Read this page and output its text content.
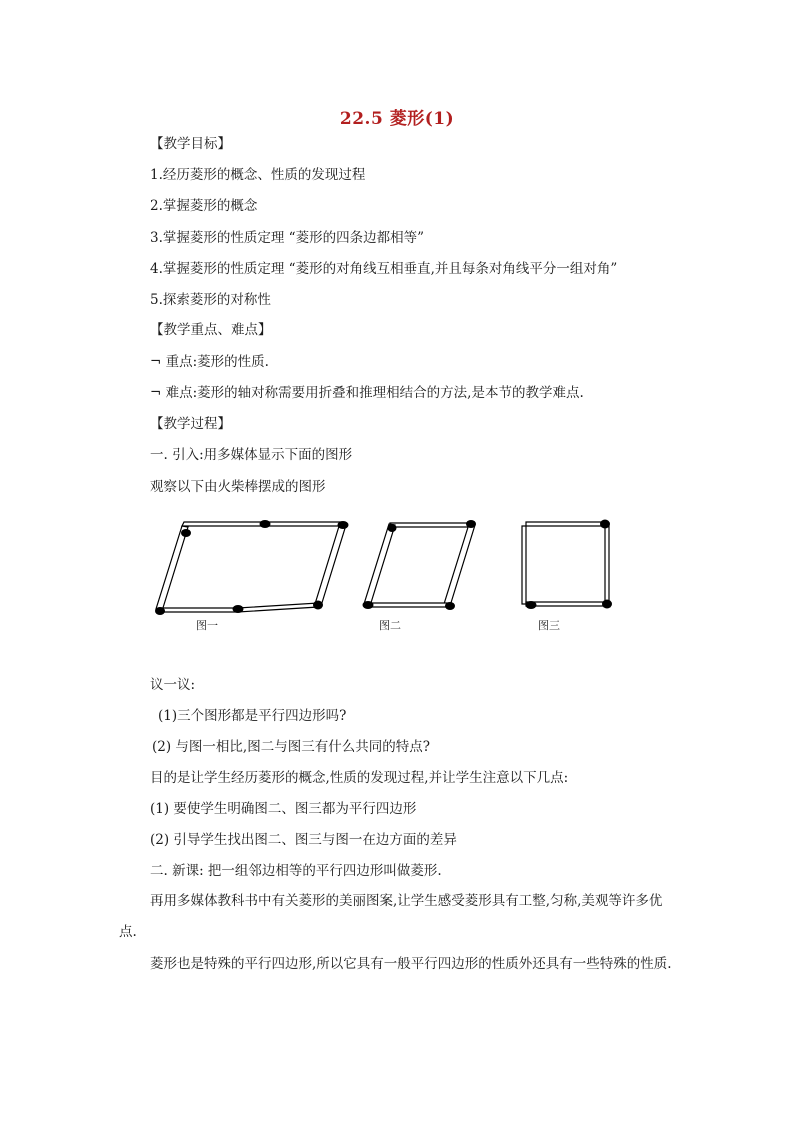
22.5 菱形(1)
【教学目标】
1.经历菱形的概念、性质的发现过程
2.掌握菱形的概念
3.掌握菱形的性质定理 “菱形的四条边都相等”
4.掌握菱形的性质定理 “菱形的对角线互相垂直,并且每条对角线平分一组对角”
5.探索菱形的对称性
【教学重点、难点】
¬ 重点:菱形的性质.
¬ 难点:菱形的轴对称需要用折叠和推理相结合的方法,是本节的教学难点.
【教学过程】
一. 引入:用多媒体显示下面的图形
观察以下由火柴棒摆成的图形
图一	图二	图三
议一议:
(1)三个图形都是平行四边形吗?
(2) 与图一相比,图二与图三有什么共同的特点?
目的是让学生经历菱形的概念,性质的发现过程,并让学生注意以下几点:
(1) 要使学生明确图二、图三都为平行四边形
(2) 引导学生找出图二、图三与图一在边方面的差异
二. 新课: 把一组邻边相等的平行四边形叫做菱形.
再用多媒体教科书中有关菱形的美丽图案,让学生感受菱形具有工整,匀称,美观等许多优点.
菱形也是特殊的平行四边形,所以它具有一般平行四边形的性质外还具有一些特殊的性质.
